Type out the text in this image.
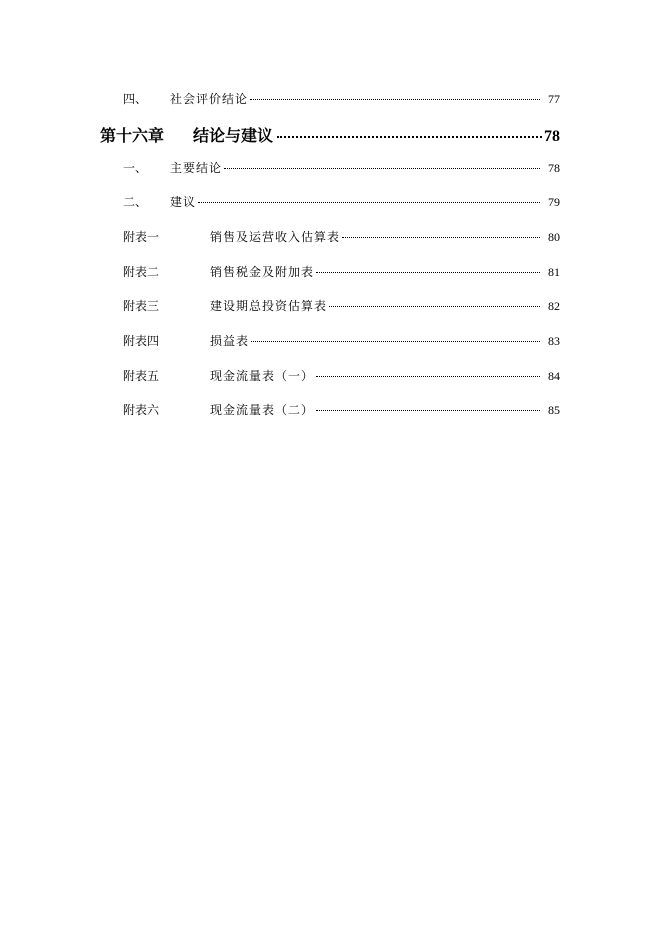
四、	社会评价结论	77
第十六章	结论与建议	78
一、	主要结论	78
二、	建议	79
附表一	销售及运营收入估算表	80
附表二	销售税金及附加表	81
附表三	建设期总投资估算表	82
附表四	损益表	83
附表五	现金流量表（一）	84
附表六	现金流量表（二）	85
